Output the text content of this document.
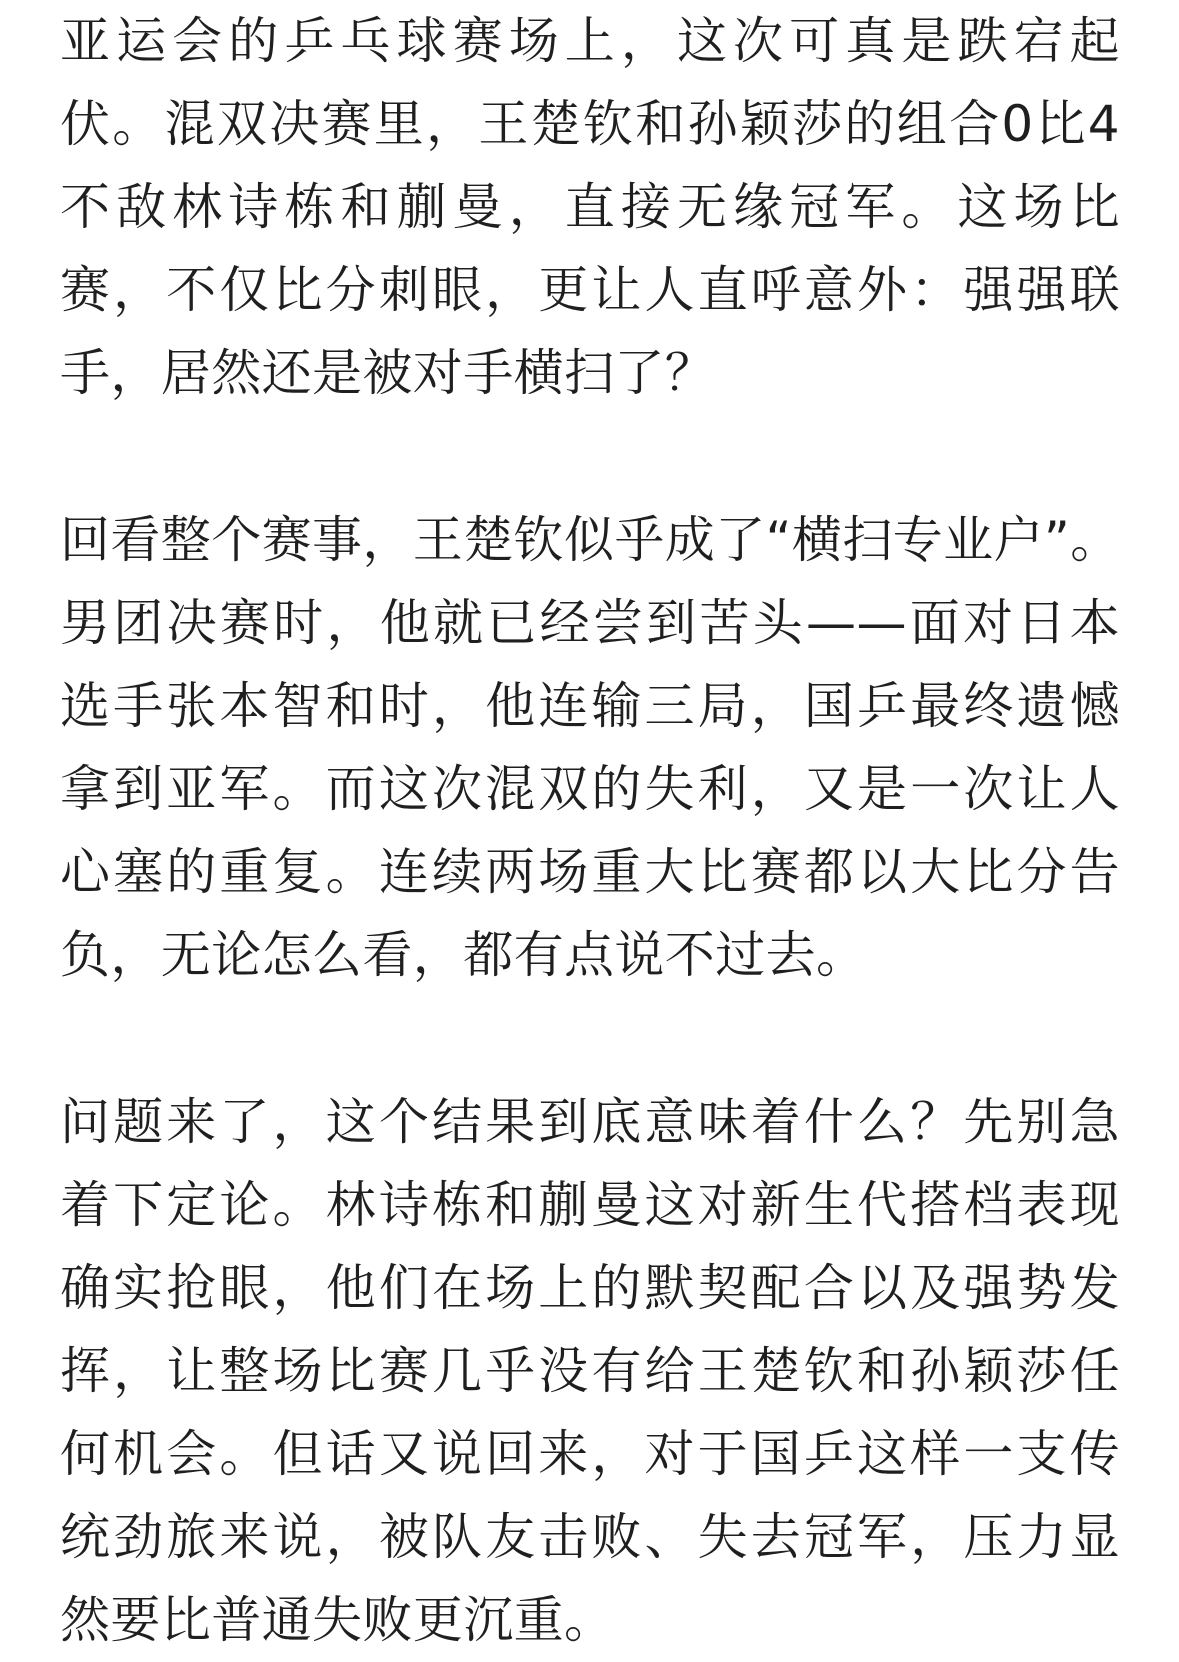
亚运会的乒乓球赛场上，这次可真是跌宕起
伏。混双决赛里，王楚钦和孙颖莎的组合0比4
不敌林诗栋和蒯曼，直接无缘冠军。这场比
赛，不仅比分刺眼，更让人直呼意外：强强联
手，居然还是被对手横扫了？
回看整个赛事，王楚钦似乎成了“横扫专业户”。
男团决赛时，他就已经尝到苦头——面对日本
选手张本智和时，他连输三局，国乒最终遗憾
拿到亚军。而这次混双的失利，又是一次让人
心塞的重复。连续两场重大比赛都以大比分告
负，无论怎么看，都有点说不过去。
问题来了，这个结果到底意味着什么？先别急
着下定论。林诗栋和蒯曼这对新生代搭档表现
确实抢眼，他们在场上的默契配合以及强势发
挥，让整场比赛几乎没有给王楚钦和孙颖莎任
何机会。但话又说回来，对于国乒这样一支传
统劲旅来说，被队友击败、失去冠军，压力显
然要比普通失败更沉重。
